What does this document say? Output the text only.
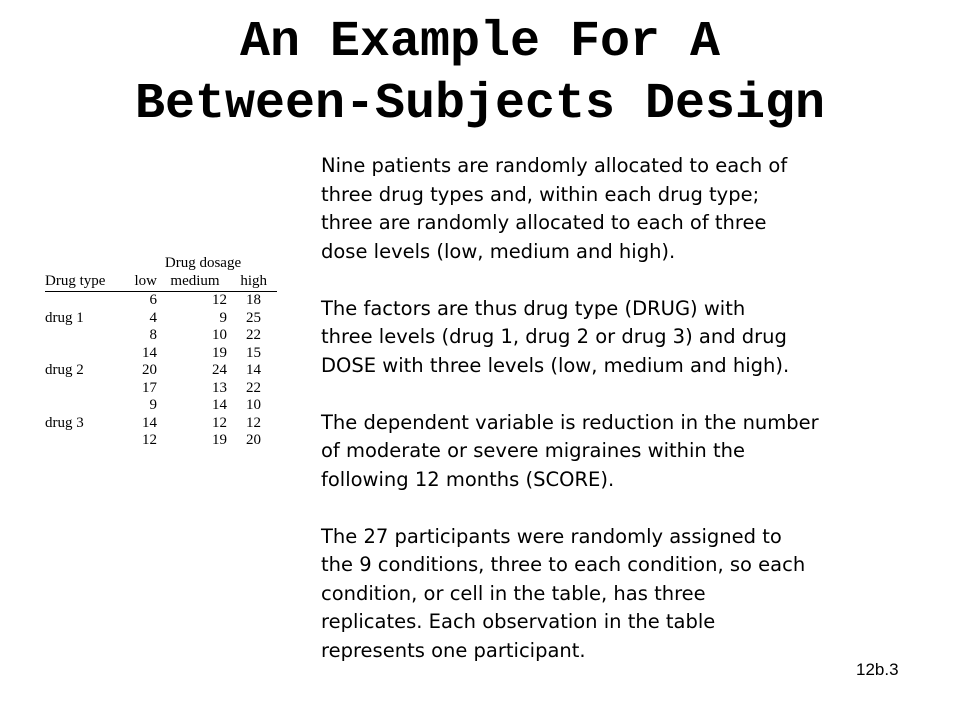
An Example For A
Between-Subjects Design
Drug dosage
Drug type	low	medium	high
	6	12	18
drug 1	4	9	25
	8	10	22
	14	19	15
drug 2	20	24	14
	17	13	22
	9	14	10
drug 3	14	12	12
	12	19	20

Nine patients are randomly allocated to each of
three drug types and, within each drug type;
three are randomly allocated to each of three
dose levels (low, medium and high).

The factors are thus drug type (DRUG) with
three levels (drug 1, drug 2 or drug 3) and drug
DOSE with three levels (low, medium and high).

The dependent variable is reduction in the number
of moderate or severe migraines within the
following 12 months (SCORE).

The 27 participants were randomly assigned to
the 9 conditions, three to each condition, so each
condition, or cell in the table, has three
replicates. Each observation in the table
represents one participant.

12b.3
